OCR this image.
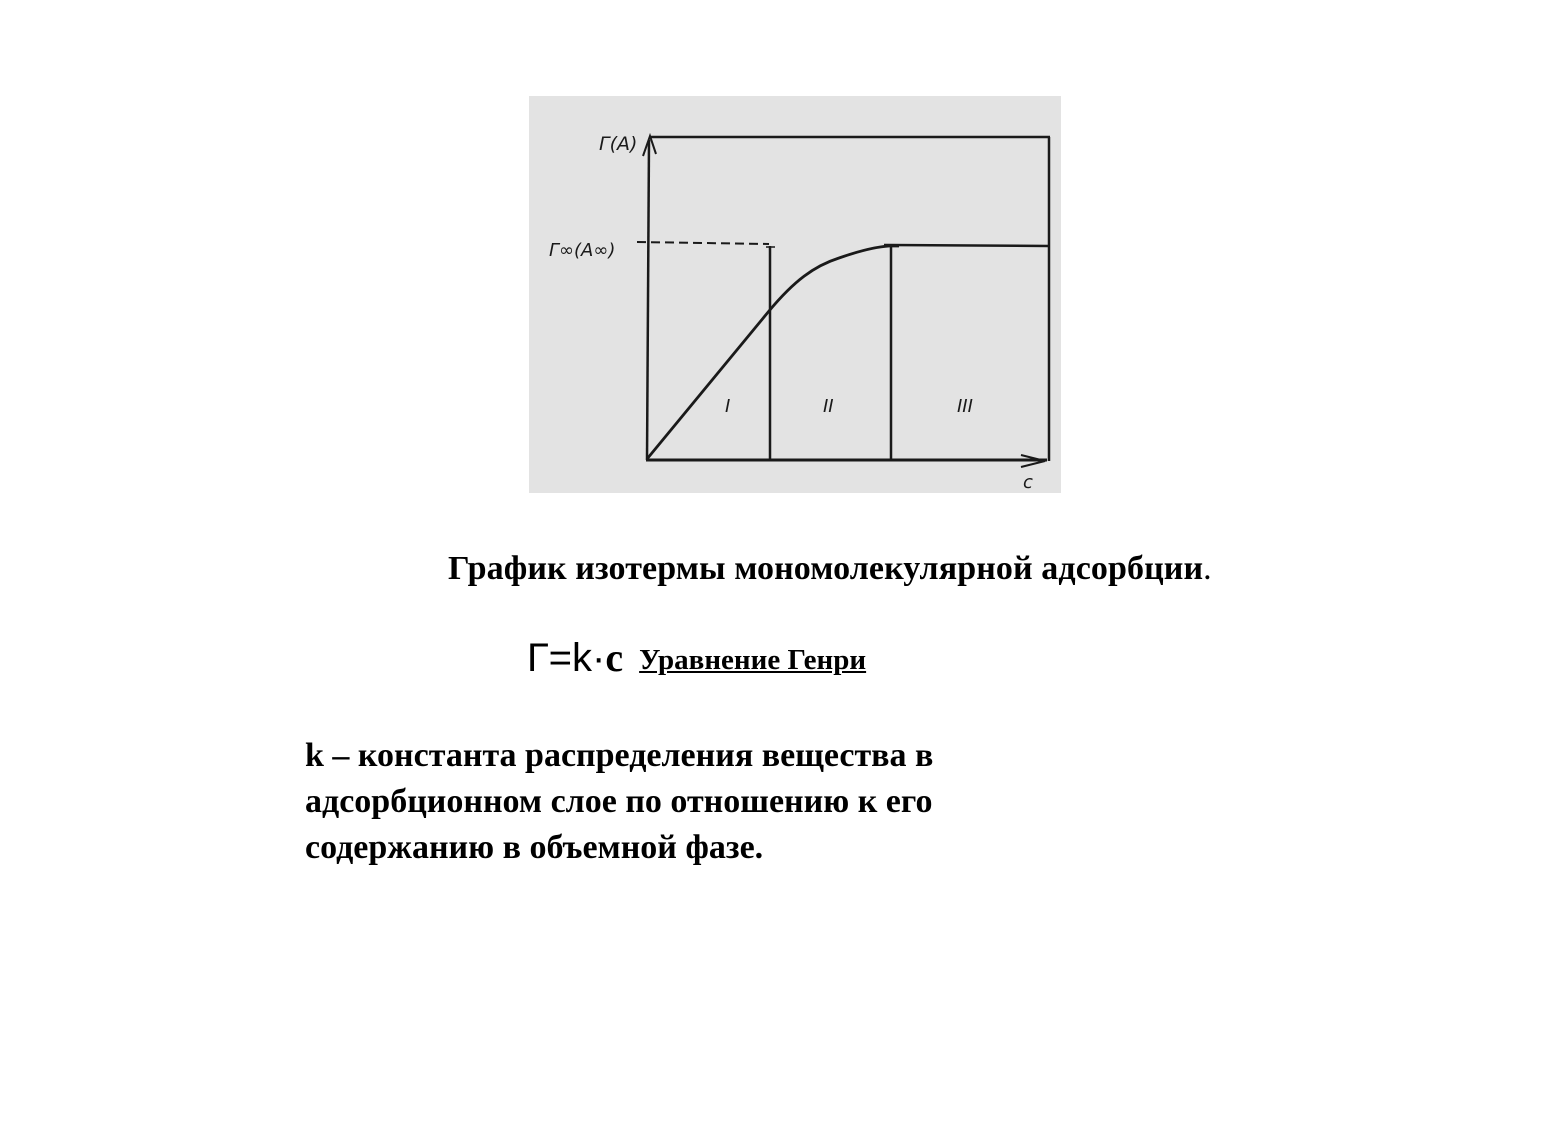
Г(А)
Г∞(А∞)
c
I	II	III
График изотермы мономолекулярной адсорбции.
Г=k·c Уравнение Генри
k – константа распределения вещества в
адсорбционном слое по отношению к его
содержанию в объемной фазе.
